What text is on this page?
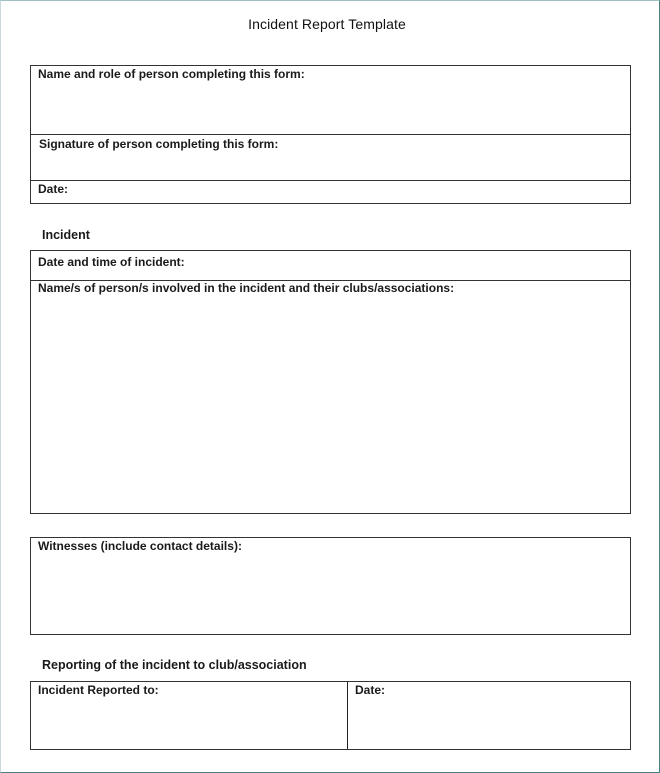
Incident Report Template
Name and role of person completing this form:
Signature of person completing this form:
Date:
Incident
Date and time of incident:
Name/s of person/s involved in the incident and their clubs/associations:
Witnesses (include contact details):
Reporting of the incident to club/association
Incident Reported to:	Date:
